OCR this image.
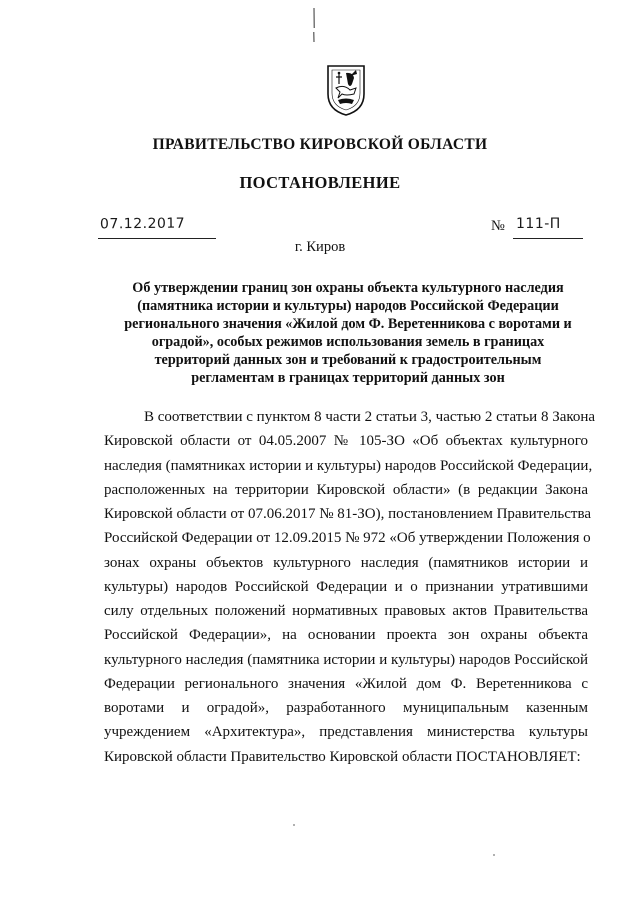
ПРАВИТЕЛЬСТВО КИРОВСКОЙ ОБЛАСТИ
ПОСТАНОВЛЕНИЕ
07.12.2017	№ 111-П
г. Киров
Об утверждении границ зон охраны объекта культурного наследия
(памятника истории и культуры) народов Российской Федерации
регионального значения «Жилой дом Ф. Веретенникова с воротами и
оградой», особых режимов использования земель в границах
территорий данных зон и требований к градостроительным
регламентам в границах территорий данных зон
В соответствии с пунктом 8 части 2 статьи 3, частью 2 статьи 8 Закона
Кировской области от 04.05.2007 № 105-ЗО «Об объектах культурного
наследия (памятниках истории и культуры) народов Российской Федерации,
расположенных на территории Кировской области» (в редакции Закона
Кировской области от 07.06.2017 № 81-ЗО), постановлением Правительства
Российской Федерации от 12.09.2015 № 972 «Об утверждении Положения о
зонах охраны объектов культурного наследия (памятников истории и
культуры) народов Российской Федерации и о признании утратившими
силу отдельных положений нормативных правовых актов Правительства
Российской Федерации», на основании проекта зон охраны объекта
культурного наследия (памятника истории и культуры) народов Российской
Федерации регионального значения «Жилой дом Ф. Веретенникова с
воротами и оградой», разработанного муниципальным казенным
учреждением «Архитектура», представления министерства культуры
Кировской области Правительство Кировской области ПОСТАНОВЛЯЕТ:
